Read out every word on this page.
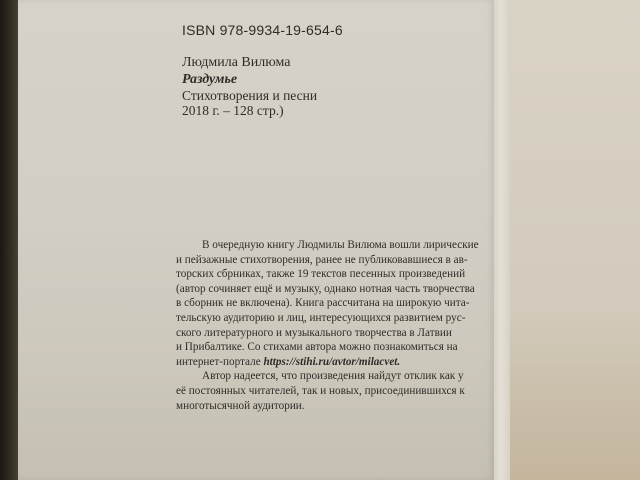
ISBN 978-9934-19-654-6
Людмила Вилюма
Раздумье
Стихотворения и песни
2018 г. – 128 стр.)
В очередную книгу Людмилы Вилюма вошли лирические
и пейзажные стихотворения, ранее не публиковавшиеся в ав-
торских сбрниках, также 19 текстов песенных произведений
(автор сочиняет ещё и музыку, однако нотная часть творчества
в сборник не включена). Книга рассчитана на широкую чита-
тельскую аудиторию и лиц, интересующихся развитием рус-
ского литературного и музыкального творчества в Латвии
и Прибалтике. Со стихами автора можно познакомиться на
интернет-портале https://stihi.ru/avtor/milacvet.
Автор надеется, что произведения найдут отклик как у
её постоянных читателей, так и новых, присоединившихся к
многотысячной аудитории.
